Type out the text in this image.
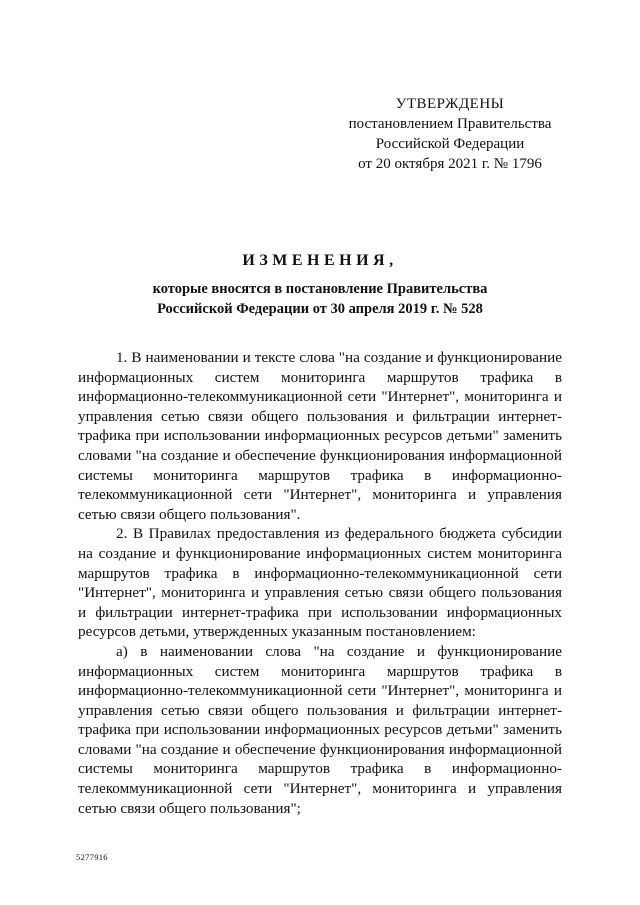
УТВЕРЖДЕНЫ
постановлением Правительства
Российской Федерации
от 20 октября 2021 г. № 1796
ИЗМЕНЕНИЯ,
которые вносятся в постановление Правительства
Российской Федерации от 30 апреля 2019 г. № 528

1. В наименовании и тексте слова "на создание и функционирование информационных систем мониторинга маршрутов трафика в информационно-телекоммуникационной сети "Интернет", мониторинга и управления сетью связи общего пользования и фильтрации интернет-трафика при использовании информационных ресурсов детьми" заменить словами "на создание и обеспечение функционирования информационной системы мониторинга маршрутов трафика в информационно-телекоммуникационной сети "Интернет", мониторинга и управления сетью связи общего пользования".

2. В Правилах предоставления из федерального бюджета субсидии на создание и функционирование информационных систем мониторинга маршрутов трафика в информационно-телекоммуникационной сети "Интернет", мониторинга и управления сетью связи общего пользования и фильтрации интернет-трафика при использовании информационных ресурсов детьми, утвержденных указанным постановлением:

а) в наименовании слова "на создание и функционирование информационных систем мониторинга маршрутов трафика в информационно-телекоммуникационной сети "Интернет", мониторинга и управления сетью связи общего пользования и фильтрации интернет-трафика при использовании информационных ресурсов детьми" заменить словами "на создание и обеспечение функционирования информационной системы мониторинга маршрутов трафика в информационно-телекоммуникационной сети "Интернет", мониторинга и управления сетью связи общего пользования";

5277916
